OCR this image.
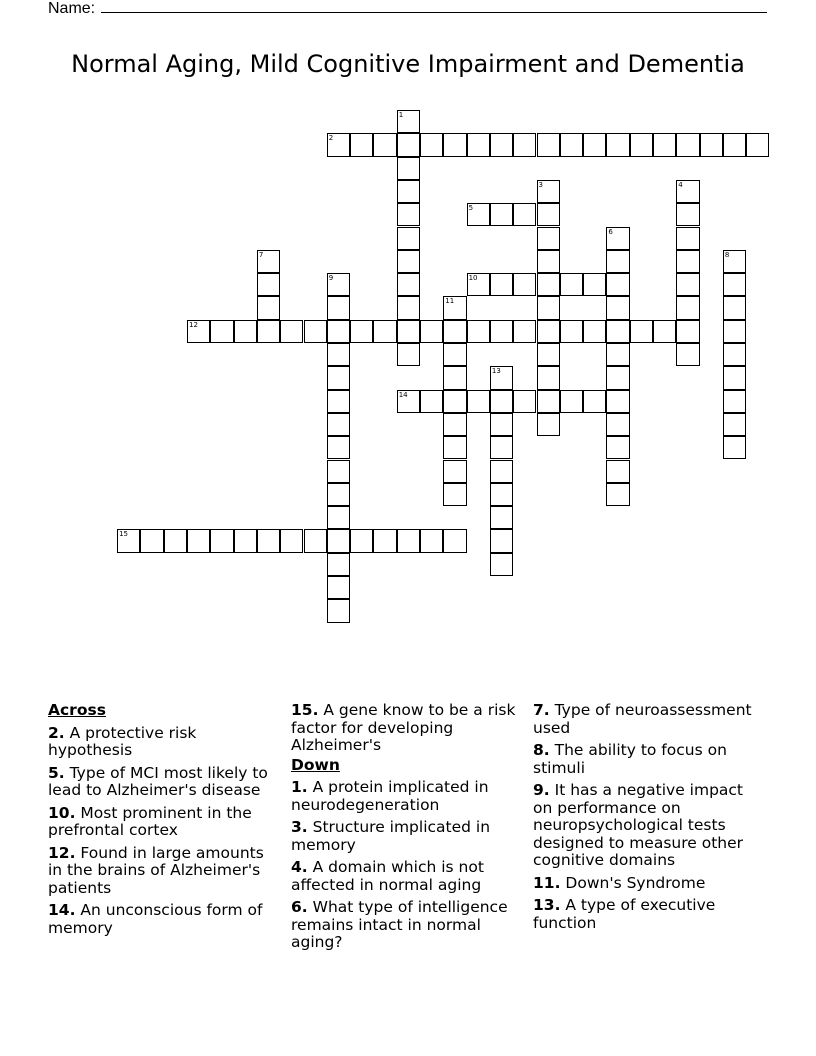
Name:
Normal Aging, Mild Cognitive Impairment and Dementia
1
2
3	4
5
6
7	8
9	10
11
12
13
14
15
Across
2. A protective risk hypothesis
5. Type of MCI most likely to lead to Alzheimer's disease
10. Most prominent in the prefrontal cortex
12. Found in large amounts in the brains of Alzheimer's patients
14. An unconscious form of memory
15. A gene know to be a risk factor for developing Alzheimer's
Down
1. A protein implicated in neurodegeneration
3. Structure implicated in memory
4. A domain which is not affected in normal aging
6. What type of intelligence remains intact in normal aging?
7. Type of neuroassessment used
8. The ability to focus on stimuli
9. It has a negative impact on performance on neuropsychological tests designed to measure other cognitive domains
11. Down's Syndrome
13. A type of executive function
